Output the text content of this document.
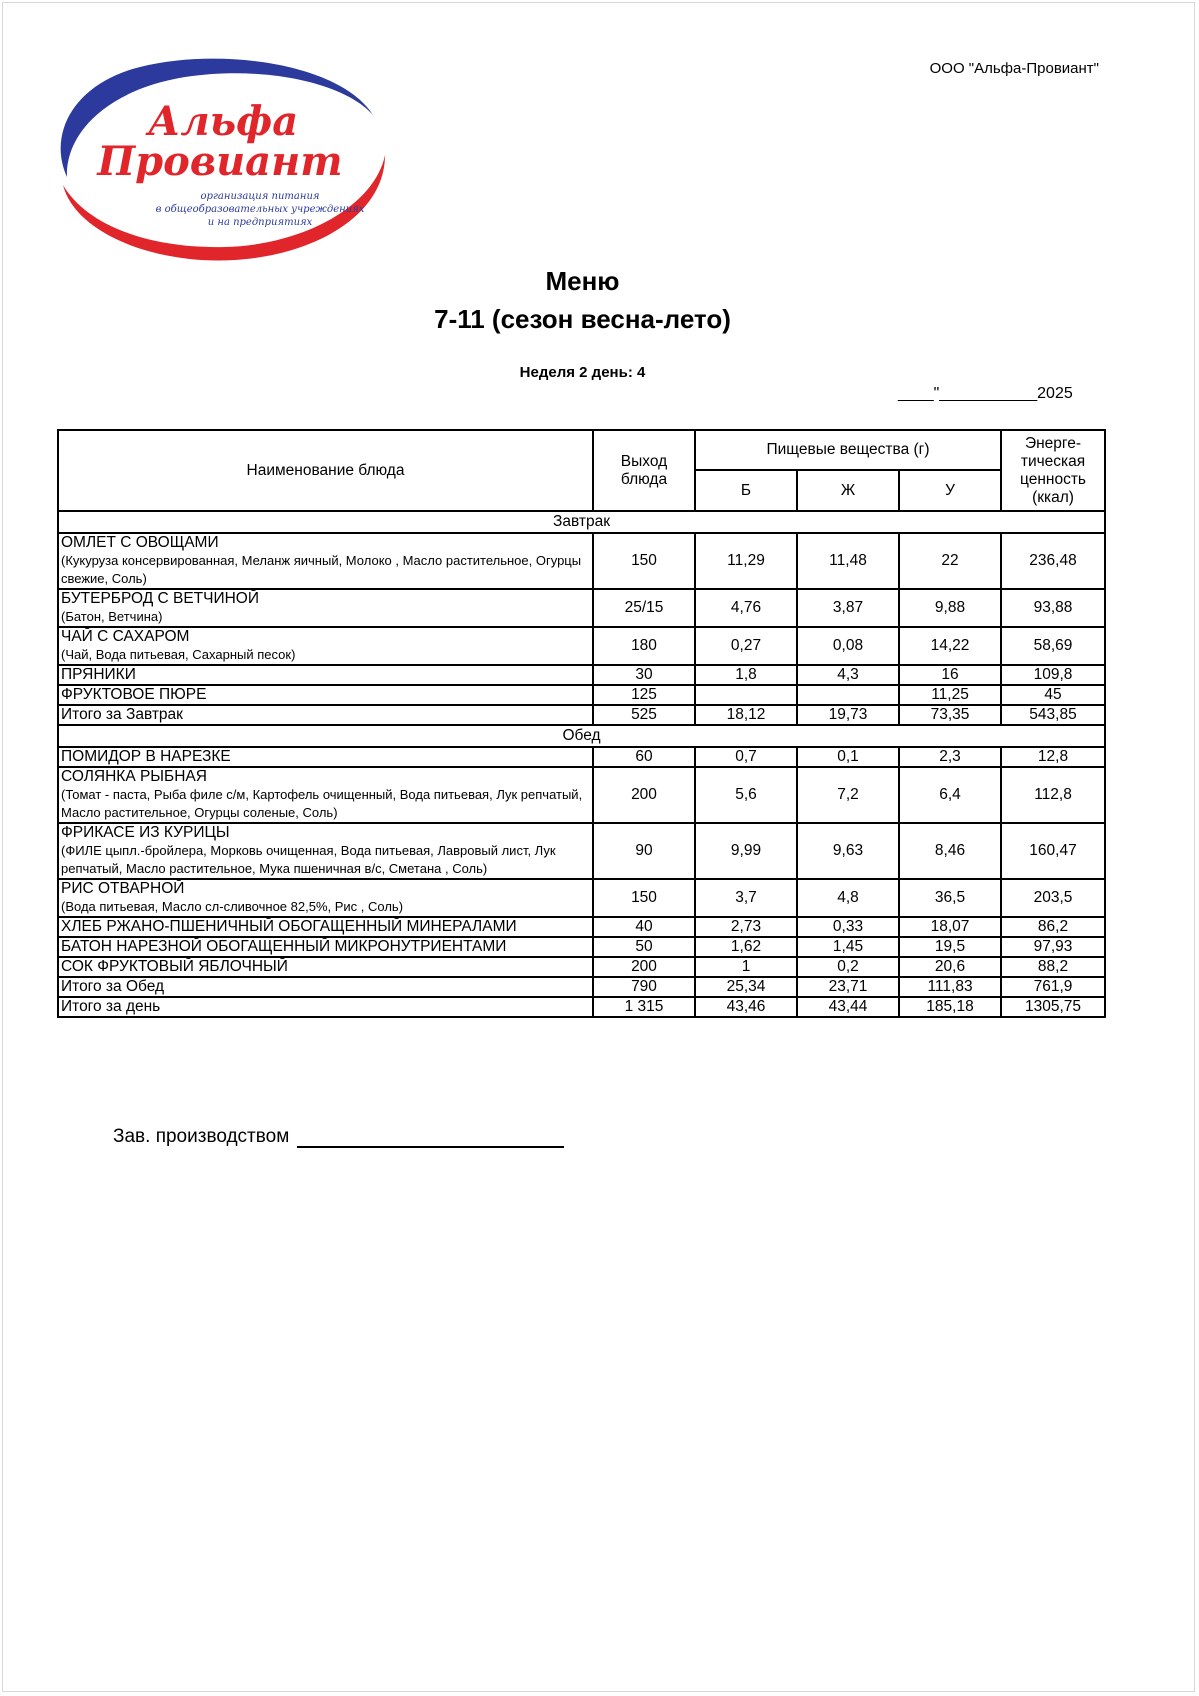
ООО "Альфа-Провиант"
Альфа
Провиант
организация питания
в общеобразовательных учреждениях
и на предприятиях
Меню
7-11 (сезон весна-лето)
Неделя 2 день: 4
____"___________2025
Наименование блюда	Выход блюда	Пищевые вещества (г)			Энерге-тическая ценность (ккал)
		Б	Ж	У	
Завтрак					

ОМЛЕТ С ОВОЩАМИ
(Кукуруза консервированная, Меланж яичный, Молоко , Масло растительное, Огурцы свежие, Соль)	150	11,29	11,48	22	236,48

БУТЕРБРОД С ВЕТЧИНОЙ
(Батон, Ветчина)	25/15	4,76	3,87	9,88	93,88

ЧАЙ С САХАРОМ
(Чай, Вода питьевая, Сахарный песок)	180	0,27	0,08	14,22	58,69

ПРЯНИКИ	30	1,8	4,3	16	109,8

ФРУКТОВОЕ ПЮРЕ	125			11,25	45
Итого за Завтрак	525	18,12	19,73	73,35	543,85
Обед					

ПОМИДОР В НАРЕЗКЕ	60	0,7	0,1	2,3	12,8

СОЛЯНКА РЫБНАЯ
(Томат - паста, Рыба филе с/м, Картофель очищенный, Вода питьевая, Лук репчатый, Масло растительное, Огурцы соленые, Соль)	200	5,6	7,2	6,4	112,8

ФРИКАСЕ ИЗ КУРИЦЫ
(ФИЛЕ цыпл.-бройлера, Морковь очищенная, Вода питьевая, Лавровый лист, Лук репчатый, Масло растительное, Мука пшеничная в/с, Сметана , Соль)	90	9,99	9,63	8,46	160,47

РИС ОТВАРНОЙ
(Вода питьевая, Масло сл-сливочное 82,5%, Рис , Соль)	150	3,7	4,8	36,5	203,5

ХЛЕБ РЖАНО-ПШЕНИЧНЫЙ ОБОГАЩЕННЫЙ МИНЕРАЛАМИ	40	2,73	0,33	18,07	86,2

БАТОН НАРЕЗНОЙ ОБОГАЩЕННЫЙ МИКРОНУТРИЕНТАМИ	50	1,62	1,45	19,5	97,93

СОК ФРУКТОВЫЙ ЯБЛОЧНЫЙ	200	1	0,2	20,6	88,2
Итого за Обед	790	25,34	23,71	111,83	761,9
Итого за день	1 315	43,46	43,44	185,18	1305,75
Зав. производством
